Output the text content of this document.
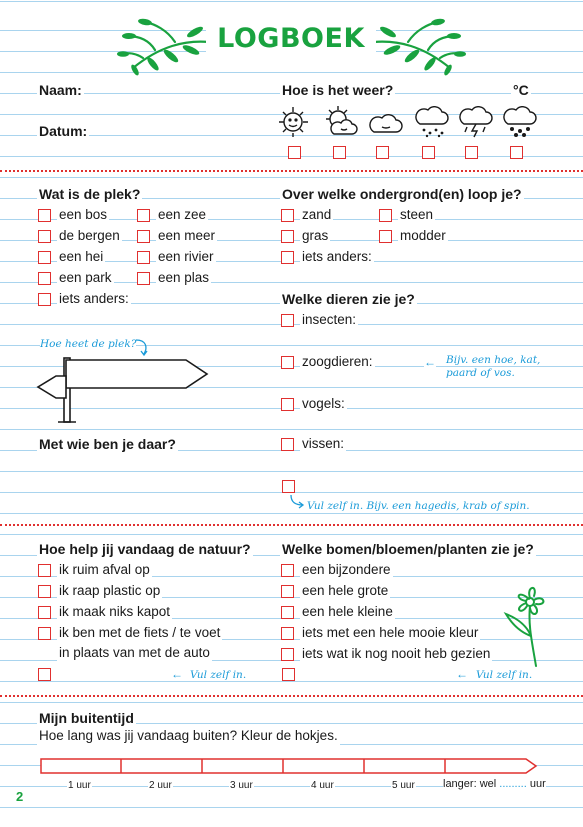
LOGBOEK
Naam:
Datum:
Hoe is het weer?	°C
Wat is de plek?
een bos
de bergen
een hei
een park
iets anders:
een zee
een meer
een rivier
een plas
Hoe heet de plek?
Met wie ben je daar?
Over welke ondergrond(en) loop je?
zand
gras
iets anders:
steen
modder
Welke dieren zie je?
insecten:
zoogdieren:
vogels:
vissen:
← Bijv. een hoe, kat,
paard of vos.
Vul zelf in. Bijv. een hagedis, krab of spin.
Hoe help jij vandaag de natuur?
ik ruim afval op
ik raap plastic op
ik maak niks kapot
ik ben met de fiets / te voet
in plaats van met de auto
← Vul zelf in.
Welke bomen/bloemen/planten zie je?
een bijzondere
een hele grote
een hele kleine
iets met een hele mooie kleur
iets wat ik nog nooit heb gezien
← Vul zelf in.
Mijn buitentijd
Hoe lang was jij vandaag buiten? Kleur de hokjes.
1 uur	2 uur	3 uur	4 uur	5 uur	langer: wel ......... uur
2
